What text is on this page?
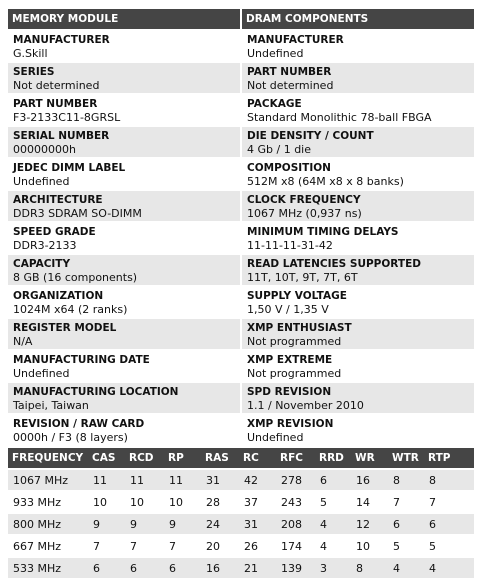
MEMORY MODULE
MANUFACTURER
G.Skill
SERIES
Not determined
PART NUMBER
F3-2133C11-8GRSL
SERIAL NUMBER
00000000h
JEDEC DIMM LABEL
Undefined
ARCHITECTURE
DDR3 SDRAM SO-DIMM
SPEED GRADE
DDR3-2133
CAPACITY
8 GB (16 components)
ORGANIZATION
1024M x64 (2 ranks)
REGISTER MODEL
N/A
MANUFACTURING DATE
Undefined
MANUFACTURING LOCATION
Taipei, Taiwan
REVISION / RAW CARD
0000h / F3 (8 layers)
DRAM COMPONENTS
MANUFACTURER
Undefined
PART NUMBER
Not determined
PACKAGE
Standard Monolithic 78-ball FBGA
DIE DENSITY / COUNT
4 Gb / 1 die
COMPOSITION
512M x8 (64M x8 x 8 banks)
CLOCK FREQUENCY
1067 MHz (0,937 ns)
MINIMUM TIMING DELAYS
11-11-11-31-42
READ LATENCIES SUPPORTED
11T, 10T, 9T, 7T, 6T
SUPPLY VOLTAGE
1,50 V / 1,35 V
XMP ENTHUSIAST
Not programmed
XMP EXTREME
Not programmed
SPD REVISION
1.1 / November 2010
XMP REVISION
Undefined
FREQUENCY	CAS	RCD	RP	RAS	RC	RFC	RRD	WR	WTR	RTP
1067 MHz	11	11	11	31	42	278	6	16	8	8
933 MHz	10	10	10	28	37	243	5	14	7	7
800 MHz	9	9	9	24	31	208	4	12	6	6
667 MHz	7	7	7	20	26	174	4	10	5	5
533 MHz	6	6	6	16	21	139	3	8	4	4
